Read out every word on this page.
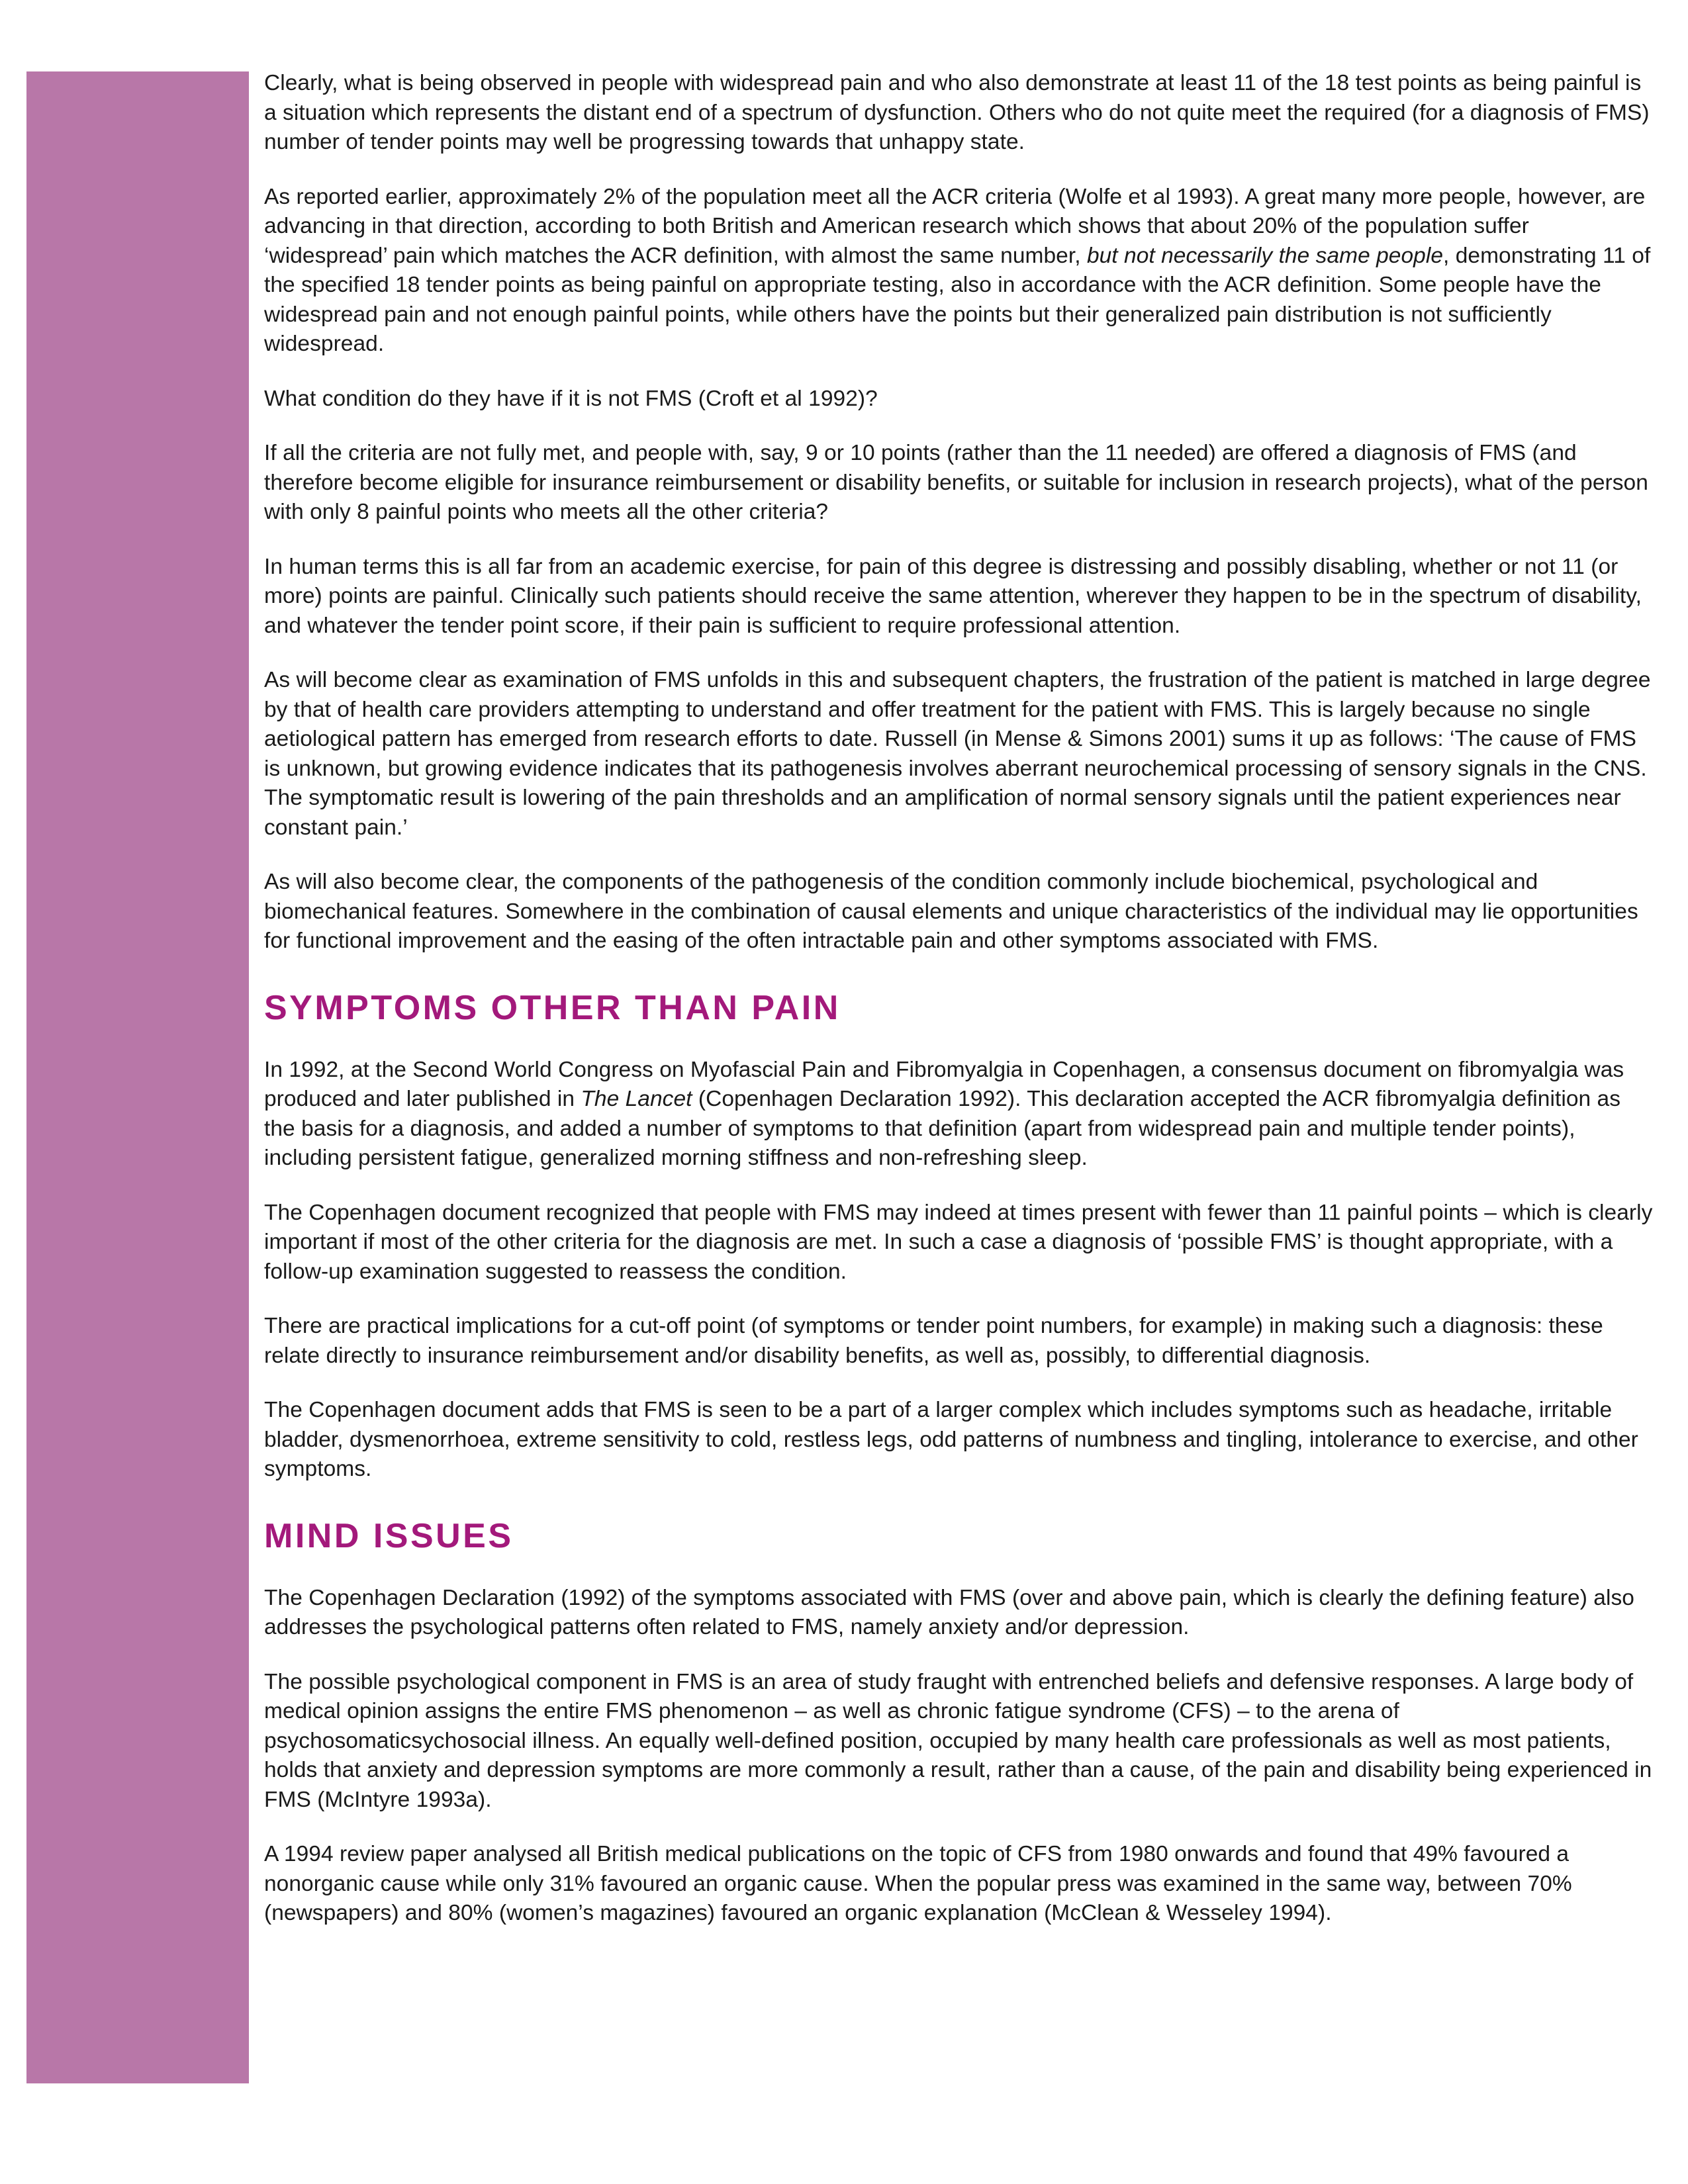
Clearly, what is being observed in people with widespread pain and who also demonstrate at least 11 of the 18 test points as being painful is a situation which represents the distant end of a spectrum of dysfunction. Others who do not quite meet the required (for a diagnosis of FMS) number of tender points may well be progressing towards that unhappy state.

As reported earlier, approximately 2% of the population meet all the ACR criteria (Wolfe et al 1993). A great many more people, however, are advancing in that direction, according to both British and American research which shows that about 20% of the population suffer ‘widespread’ pain which matches the ACR definition, with almost the same number, but not necessarily the same people, demonstrating 11 of the specified 18 tender points as being painful on appropriate testing, also in accordance with the ACR definition. Some people have the widespread pain and not enough painful points, while others have the points but their generalized pain distribution is not sufficiently widespread.

What condition do they have if it is not FMS (Croft et al 1992)?

If all the criteria are not fully met, and people with, say, 9 or 10 points (rather than the 11 needed) are offered a diagnosis of FMS (and therefore become eligible for insurance reimbursement or disability benefits, or suitable for inclusion in research projects), what of the person with only 8 painful points who meets all the other criteria?

In human terms this is all far from an academic exercise, for pain of this degree is distressing and possibly disabling, whether or not 11 (or more) points are painful. Clinically such patients should receive the same attention, wherever they happen to be in the spectrum of disability, and whatever the tender point score, if their pain is sufficient to require professional attention.

As will become clear as examination of FMS unfolds in this and subsequent chapters, the frustration of the patient is matched in large degree by that of health care providers attempting to understand and offer treatment for the patient with FMS. This is largely because no single aetiological pattern has emerged from research efforts to date. Russell (in Mense & Simons 2001) sums it up as follows: ‘The cause of FMS is unknown, but growing evidence indicates that its pathogenesis involves aberrant neurochemical processing of sensory signals in the CNS. The symptomatic result is lowering of the pain thresholds and an amplification of normal sensory signals until the patient experiences near constant pain.’

As will also become clear, the components of the pathogenesis of the condition commonly include biochemical, psychological and biomechanical features. Somewhere in the combination of causal elements and unique characteristics of the individual may lie opportunities for functional improvement and the easing of the often intractable pain and other symptoms associated with FMS.

SYMPTOMS OTHER THAN PAIN

In 1992, at the Second World Congress on Myofascial Pain and Fibromyalgia in Copenhagen, a consensus document on fibromyalgia was produced and later published in The Lancet (Copenhagen Declaration 1992). This declaration accepted the ACR fibromyalgia definition as the basis for a diagnosis, and added a number of symptoms to that definition (apart from widespread pain and multiple tender points), including persistent fatigue, generalized morning stiffness and non-refreshing sleep.

The Copenhagen document recognized that people with FMS may indeed at times present with fewer than 11 painful points – which is clearly important if most of the other criteria for the diagnosis are met. In such a case a diagnosis of ‘possible FMS’ is thought appropriate, with a follow-up examination suggested to reassess the condition.

There are practical implications for a cut-off point (of symptoms or tender point numbers, for example) in making such a diagnosis: these relate directly to insurance reimbursement and/or disability benefits, as well as, possibly, to differential diagnosis.

The Copenhagen document adds that FMS is seen to be a part of a larger complex which includes symptoms such as headache, irritable bladder, dysmenorrhoea, extreme sensitivity to cold, restless legs, odd patterns of numbness and tingling, intolerance to exercise, and other symptoms.

MIND ISSUES

The Copenhagen Declaration (1992) of the symptoms associated with FMS (over and above pain, which is clearly the defining feature) also addresses the psychological patterns often related to FMS, namely anxiety and/or depression.

The possible psychological component in FMS is an area of study fraught with entrenched beliefs and defensive responses. A large body of medical opinion assigns the entire FMS phenomenon – as well as chronic fatigue syndrome (CFS) – to the arena of psychosomaticsychosocial illness. An equally well-defined position, occupied by many health care professionals as well as most patients, holds that anxiety and depression symptoms are more commonly a result, rather than a cause, of the pain and disability being experienced in FMS (McIntyre 1993a).

A 1994 review paper analysed all British medical publications on the topic of CFS from 1980 onwards and found that 49% favoured a nonorganic cause while only 31% favoured an organic cause. When the popular press was examined in the same way, between 70% (newspapers) and 80% (women’s magazines) favoured an organic explanation (McClean & Wesseley 1994).
